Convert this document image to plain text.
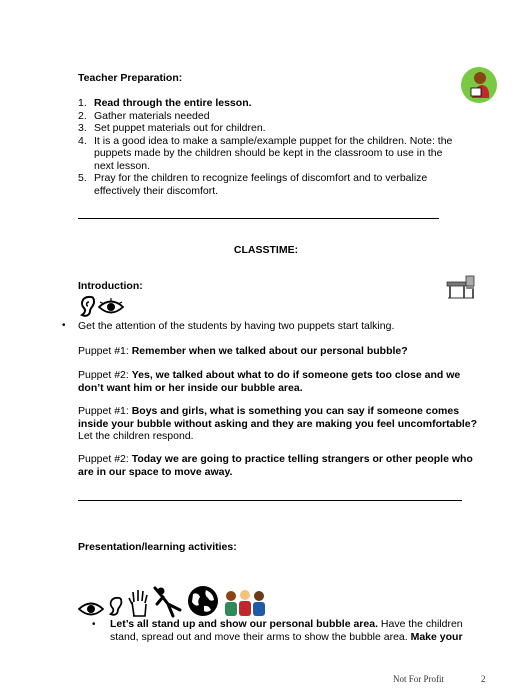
Teacher Preparation:
1. Read through the entire lesson.
2. Gather materials needed
3. Set puppet materials out for children.
4. It is a good idea to make a sample/example puppet for the children. Note: the puppets made by the children should be kept in the classroom to use in the next lesson.
5. Pray for the children to recognize feelings of discomfort and to verbalize effectively their discomfort.
CLASSTIME:
Introduction:
• Get the attention of the students by having two puppets start talking.
Puppet #1: Remember when we talked about our personal bubble?
Puppet #2: Yes, we talked about what to do if someone gets too close and we don’t want him or her inside our bubble area.
Puppet #1: Boys and girls, what is something you can say if someone comes inside your bubble without asking and they are making you feel uncomfortable?
Let the children respond.
Puppet #2: Today we are going to practice telling strangers or other people who are in our space to move away.
Presentation/learning activities:
• Let’s all stand up and show our personal bubble area. Have the children stand, spread out and move their arms to show the bubble area. Make your
Not For Profit	2
